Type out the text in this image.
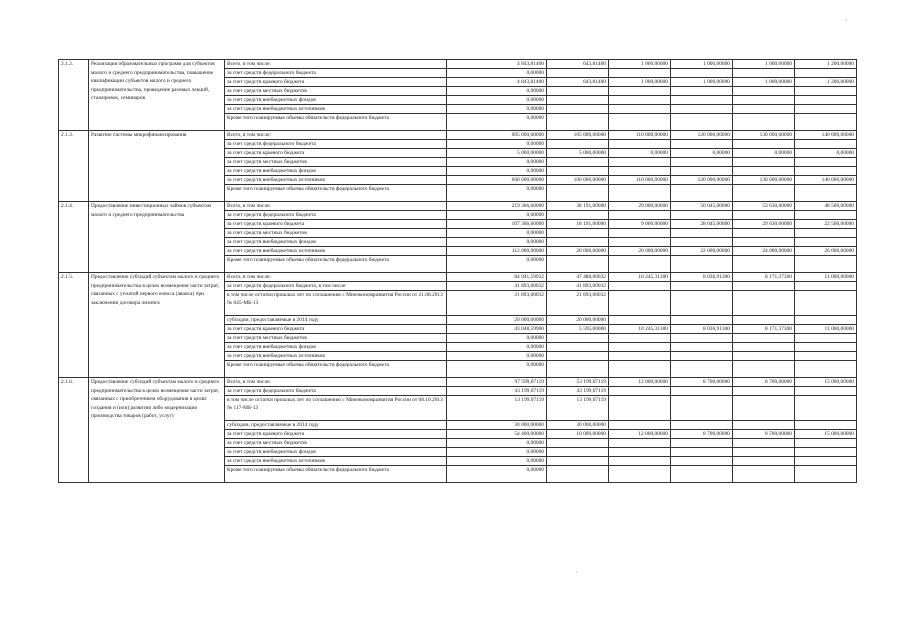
2.1.2.	Реализация образовательных программ для субъектов малого и среднего предпринимательства, повышение квалификации субъектов малого и среднего предпринимательства, проведение разовых лекций, стажировок, семинаров	Всего, в том числе:	4 843,81400	643,81400	1 000,00000	1 000,00000	1 000,00000	1 200,00000
		за счет средств федерального бюджета	0,00000					
		за счет средств краевого бюджета	4 843,81400	643,81400	1 000,00000	1 000,00000	1 000,00000	1 200,00000
		за счет средств местных бюджетов	0,00000					
		за счет средств внебюджетных фондов	0,00000					
		за счет средств внебюджетных источников	0,00000					
		Кроме того планируемые объемы обязательств федерального бюджета	0,00000					
2.1.3.	Развитие системы микрофинансирования	Всего, в том числе:	605 000,00000	105 000,00000	110 000,00000	120 000,00000	130 000,00000	140 000,00000
		за счет средств федерального бюджета	0,00000					
		за счет средств краевого бюджета	5 000,00000	5 000,00000	0,00000	0,00000	0,00000	0,00000
		за счет средств местных бюджетов	0,00000					
		за счет средств внебюджетных фондов	0,00000					
		за счет средств внебюджетных источников	600 000,00000	100 000,00000	110 000,00000	120 000,00000	130 000,00000	140 000,00000
		Кроме того планируемые объемы обязательств федерального бюджета	0,00000					
2.1.4.	Предоставление инвестиционных займов субъектам малого и среднего предпринимательства	Всего, в том числе:	219 366,60000	38 191,00000	29 000,00000	50 045,00000	53 630,60000	48 500,00000
		за счет средств федерального бюджета	0,00000					
		за счет средств краевого бюджета	107 366,60000	18 191,00000	9 000,00000	28 045,00000	29 630,60000	22 500,00000
		за счет средств местных бюджетов	0,00000					
		за счет средств внебюджетных фондов	0,00000					
		за счет средств внебюджетных источников	112 000,00000	20 000,00000	20 000,00000	22 000,00000	24 000,00000	26 000,00000
		Кроме того планируемые объемы обязательств федерального бюджета	0,00000					
2.1.5.	Предоставление субсидий субъектам малого и среднего предпринимательства в целях возмещения части затрат, связанных с уплатой первого взноса (аванса) при заключении договора лизинга	Всего, в том числе:	84 941,59932	47 488,00032	10 245,31300	8 036,91300	8 171,37300	11 000,00000
		за счет средств федерального бюджета, в том числе:	41 893,00032	41 893,00032				
		в том числе остатки прошлых лет по соглашению с Минэкономразвития России от 21.08.2013 № 045-МБ-13	21 893,00032	21 893,00032				
		субсидии, предоставляемые в 2014 году	20 000,00000	20 000,00000				
		за счет средств краевого бюджета	43 048,59900	5 595,00000	10 245,31300	8 036,91300	8 171,37300	11 000,00000
		за счет средств местных бюджетов	0,00000					
		за счет средств внебюджетных фондов	0,00000					
		за счет средств внебюджетных источников	0,00000					
		Кроме того планируемые объемы обязательств федерального бюджета	0,00000					
2.1.6.	Предоставление субсидий субъектам малого и среднего предпринимательства в целях возмещения части затрат, связанных с приобретением оборудования в целях создания и (или) развития либо модернизации производства товаров (работ, услуг)	Всего, в том числе:	97 599,07119	53 199,07119	12 000,00000	8 700,00000	8 700,00000	15 000,00000
		за счет средств федерального бюджета	43 199,07119	43 199,07119				
		в том числе остатки прошлых лет по соглашению с Минэкономразвития России от 08.10.2013 № 117-МБ-13	13 199,07119	13 199,07119				
		субсидии, предоставляемые в 2014 году	30 000,00000	30 000,00000				
		за счет средств краевого бюджета	54 400,00000	10 000,00000	12 000,00000	8 700,00000	8 700,00000	15 000,00000
		за счет средств местных бюджетов	0,00000					
		за счет средств внебюджетных фондов	0,00000					
		за счет средств внебюджетных источников	0,00000					
		Кроме того планируемые объемы обязательств федерального бюджета	0,00000					
·
·
